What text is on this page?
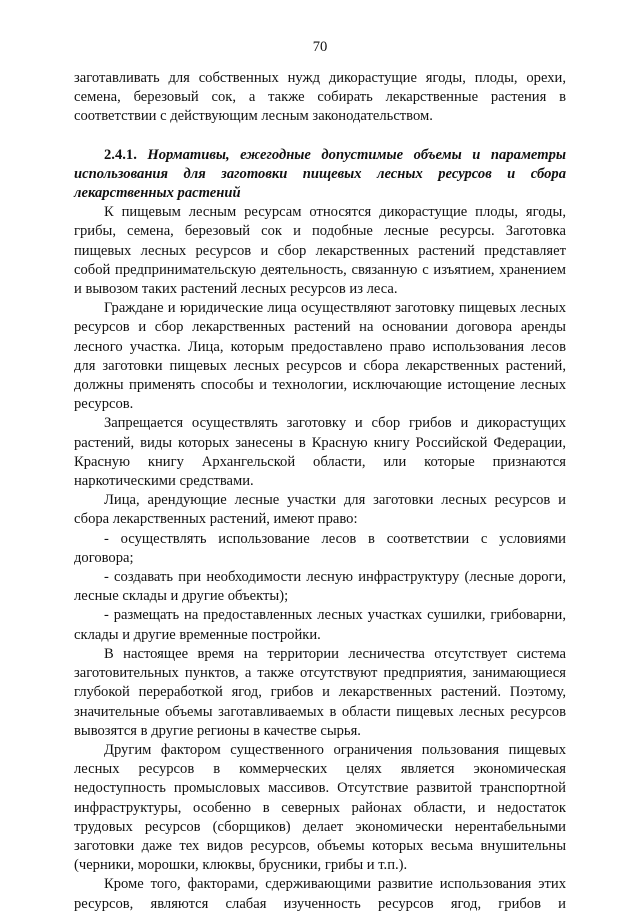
70

заготавливать для собственных нужд дикорастущие ягоды, плоды, орехи, семена, березовый сок, а также собирать лекарственные растения в соответствии с действующим лесным законодательством.

2.4.1. Нормативы, ежегодные допустимые объемы и параметры использования для заготовки пищевых лесных ресурсов и сбора лекарственных растений

К пищевым лесным ресурсам относятся дикорастущие плоды, ягоды, грибы, семена, березовый сок и подобные лесные ресурсы. Заготовка пищевых лесных ресурсов и сбор лекарственных растений представляет собой предпринимательскую деятельность, связанную с изъятием, хранением и вывозом таких растений лесных ресурсов из леса.

Граждане и юридические лица осуществляют заготовку пищевых лесных ресурсов и сбор лекарственных растений на основании договора аренды лесного участка. Лица, которым предоставлено право использования лесов для заготовки пищевых лесных ресурсов и сбора лекарственных растений, должны применять способы и технологии, исключающие истощение лесных ресурсов.

Запрещается осуществлять заготовку и сбор грибов и дикорастущих растений, виды которых занесены в Красную книгу Российской Федерации, Красную книгу Архангельской области, или которые признаются наркотическими средствами.

Лица, арендующие лесные участки для заготовки лесных ресурсов и сбора лекарственных растений, имеют право:

- осуществлять использование лесов в соответствии с условиями договора;

- создавать при необходимости лесную инфраструктуру (лесные дороги, лесные склады и другие объекты);

- размещать на предоставленных лесных участках сушилки, грибоварни, склады и другие временные постройки.

В настоящее время на территории лесничества отсутствует система заготовительных пунктов, а также отсутствуют предприятия, занимающиеся глубокой переработкой ягод, грибов и лекарственных растений. Поэтому, значительные объемы заготавливаемых в области пищевых лесных ресурсов вывозятся в другие регионы в качестве сырья.

Другим фактором существенного ограничения пользования пищевых лесных ресурсов в коммерческих целях является экономическая недоступность промысловых массивов. Отсутствие развитой транспортной инфраструктуры, особенно в северных районах области, и недостаток трудовых ресурсов (сборщиков) делает экономически нерентабельными заготовки даже тех видов ресурсов, объемы которых весьма внушительны (черники, морошки, клюквы, брусники, грибы и т.п.).

Кроме того, факторами, сдерживающими развитие использования этих ресурсов, являются слабая изученность ресурсов ягод, грибов и
